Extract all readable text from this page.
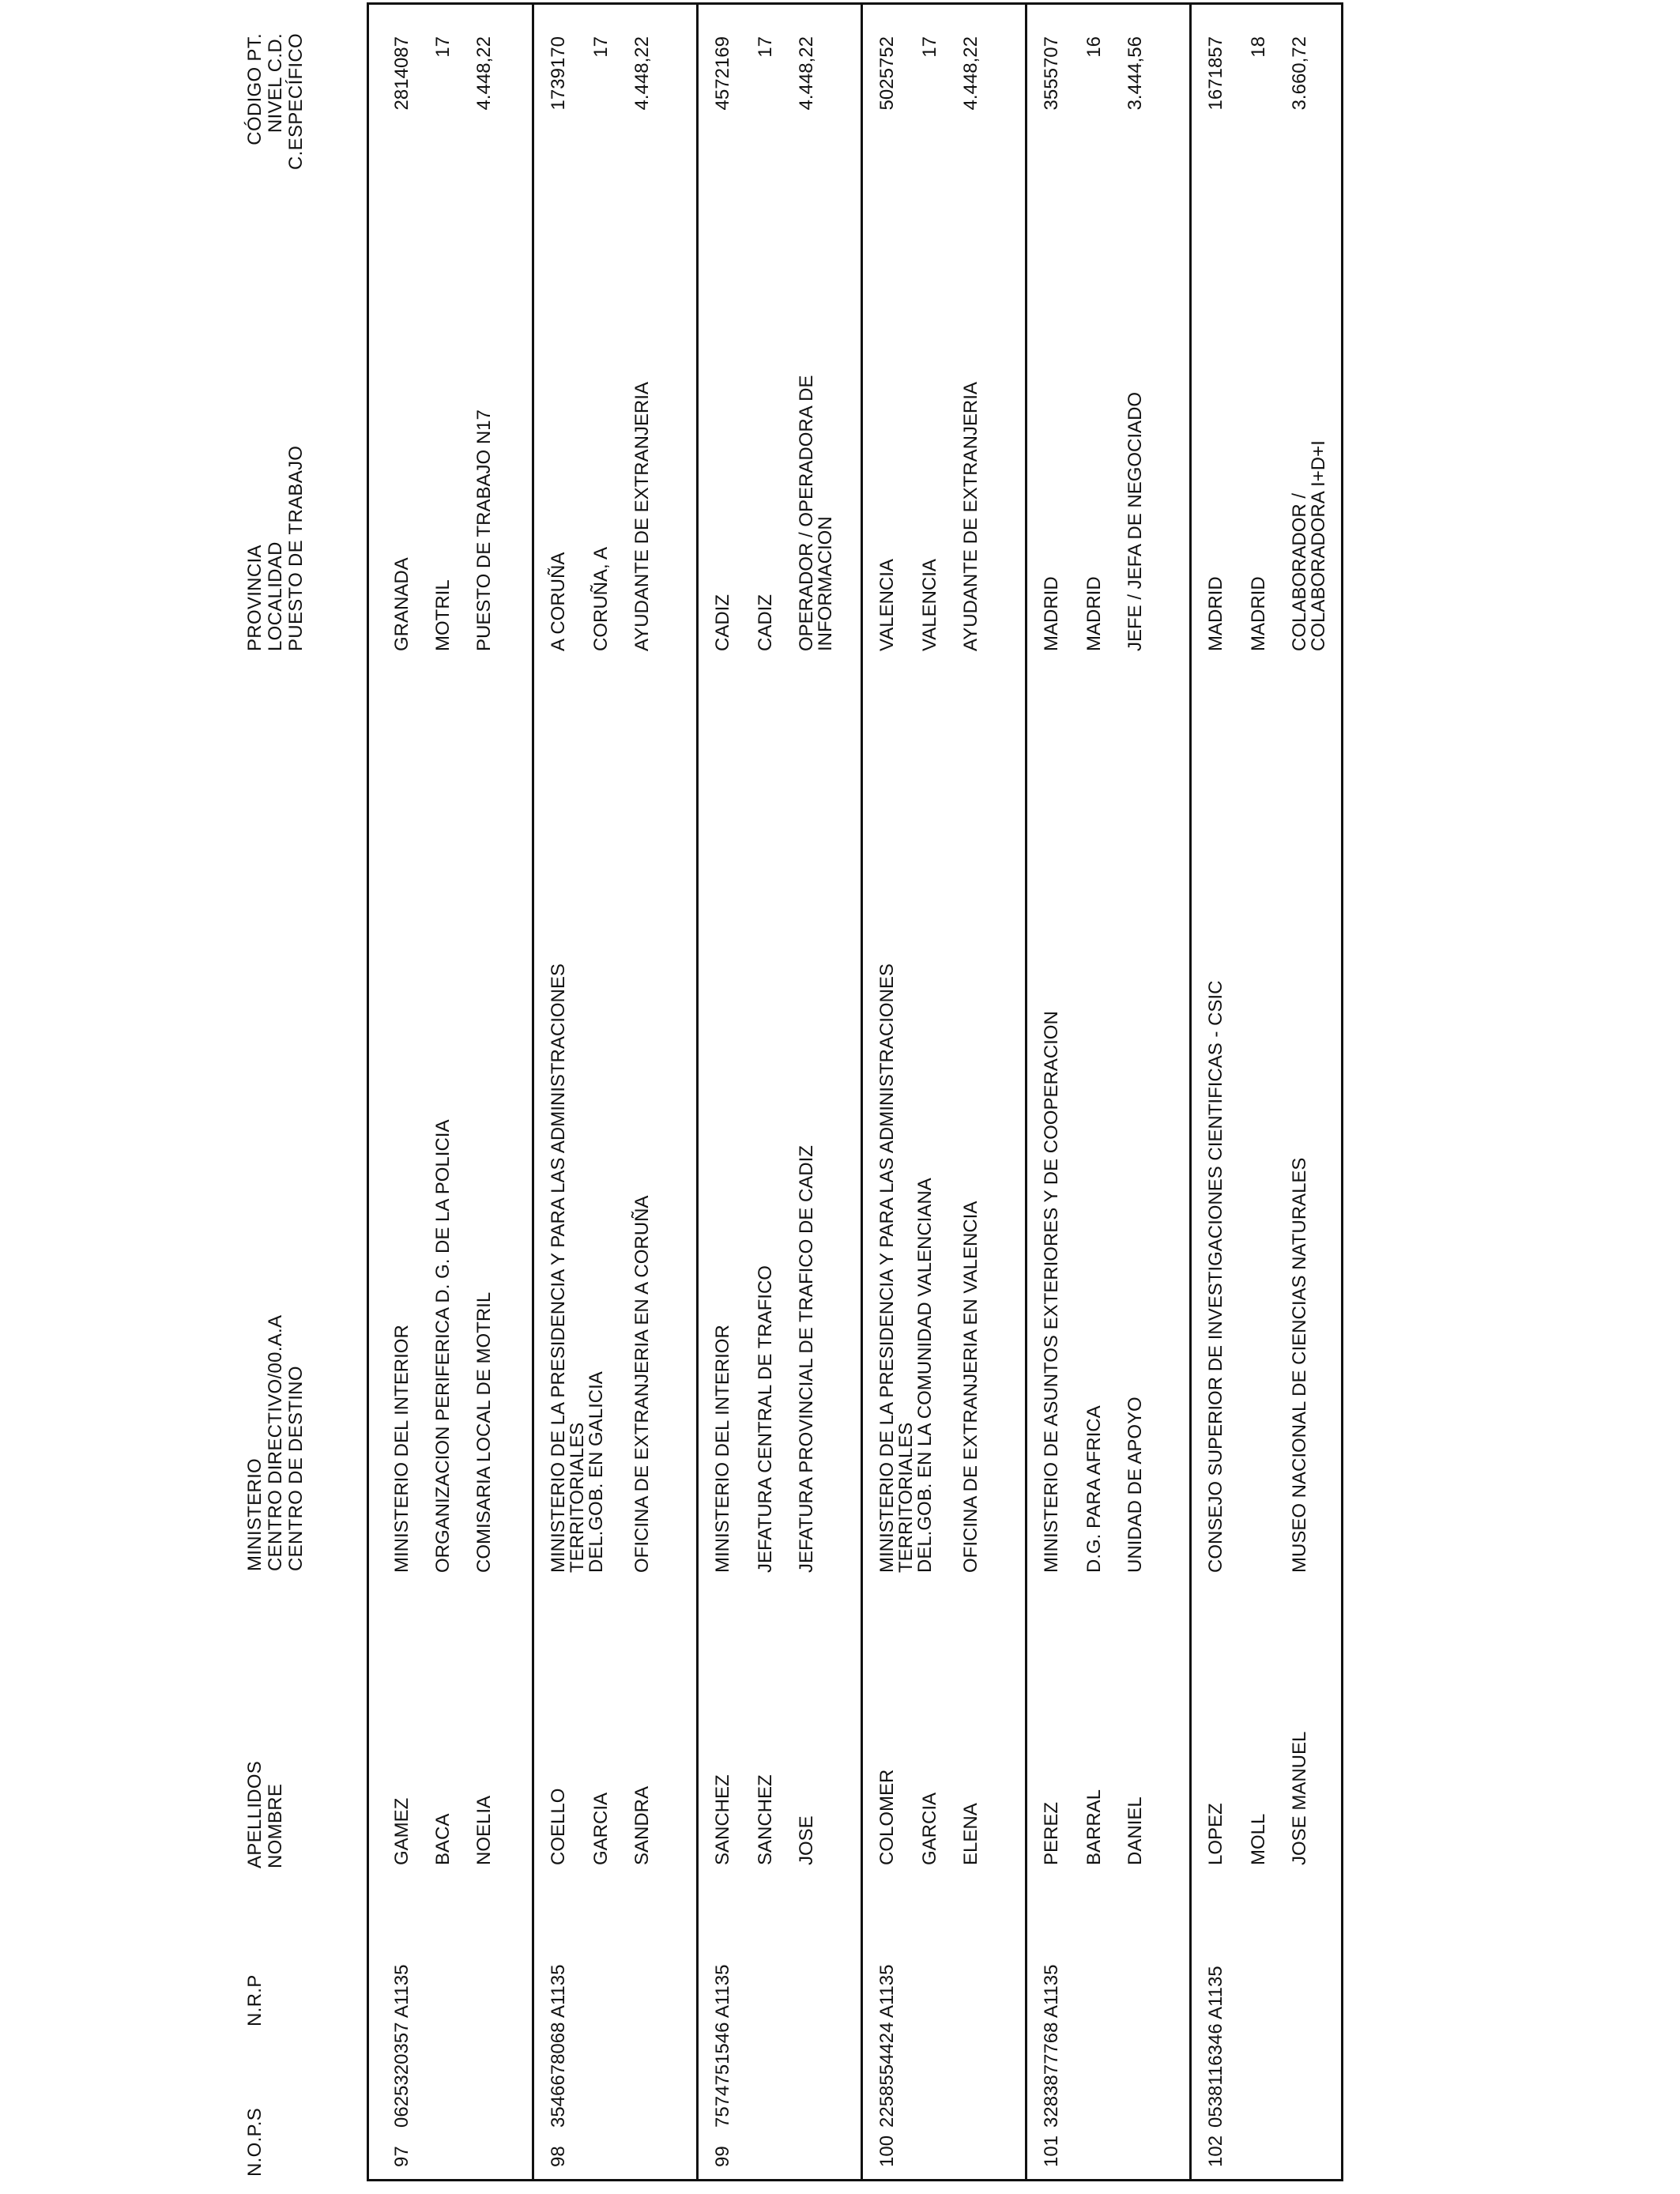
N.O.P.S
N.R.P
APELLIDOS NOMBRE
MINISTERIO CENTRO DIRECTIVO/00.A.A CENTRO DE DESTINO
PROVINCIA LOCALIDAD PUESTO DE TRABAJO
CÓDIGO PT. NIVEL C.D. C.ESPECÍFICO
97
0625320357 A1135
GAMEZ BACA NOELIA
MINISTERIO DEL INTERIOR ORGANIZACION PERIFERICA D. G. DE LA POLICIA COMISARIA LOCAL DE MOTRIL
GRANADA MOTRIL PUESTO DE TRABAJO N17
2814087 17 4.448,22
98
3546678068 A1135
COELLO GARCIA SANDRA
MINISTERIO DE LA PRESIDENCIA Y PARA LAS ADMINISTRACIONES
TERRITORIALES
DEL.GOB. EN GALICIA OFICINA DE EXTRANJERIA EN A CORUÑA
A CORUÑA CORUÑA, A AYUDANTE DE EXTRANJERIA
1739170 17 4.448,22
99
7574751546 A1135
SANCHEZ SANCHEZ JOSE
MINISTERIO DEL INTERIOR JEFATURA CENTRAL DE TRAFICO JEFATURA PROVINCIAL DE TRAFICO DE CADIZ
CADIZ CADIZ OPERADOR / OPERADORA DE
INFORMACION
4572169 17 4.448,22
100
2258554424 A1135
COLOMER GARCIA ELENA
MINISTERIO DE LA PRESIDENCIA Y PARA LAS ADMINISTRACIONES
TERRITORIALES
DEL.GOB. EN LA COMUNIDAD VALENCIANA OFICINA DE EXTRANJERIA EN VALENCIA
VALENCIA VALENCIA AYUDANTE DE EXTRANJERIA
5025752 17 4.448,22
101
3283877768 A1135
PEREZ BARRAL DANIEL
MINISTERIO DE ASUNTOS EXTERIORES Y DE COOPERACION D.G. PARA AFRICA UNIDAD DE APOYO
MADRID MADRID JEFE / JEFA DE NEGOCIADO
3555707 16 3.444,56
102
0538116346 A1135
LOPEZ MOLL JOSE MANUEL
CONSEJO SUPERIOR DE INVESTIGACIONES CIENTIFICAS - CSIC	MUSEO NACIONAL DE CIENCIAS NATURALES
MADRID MADRID COLABORADOR /
COLABORADORA I+D+I
1671857 18 3.660,72
